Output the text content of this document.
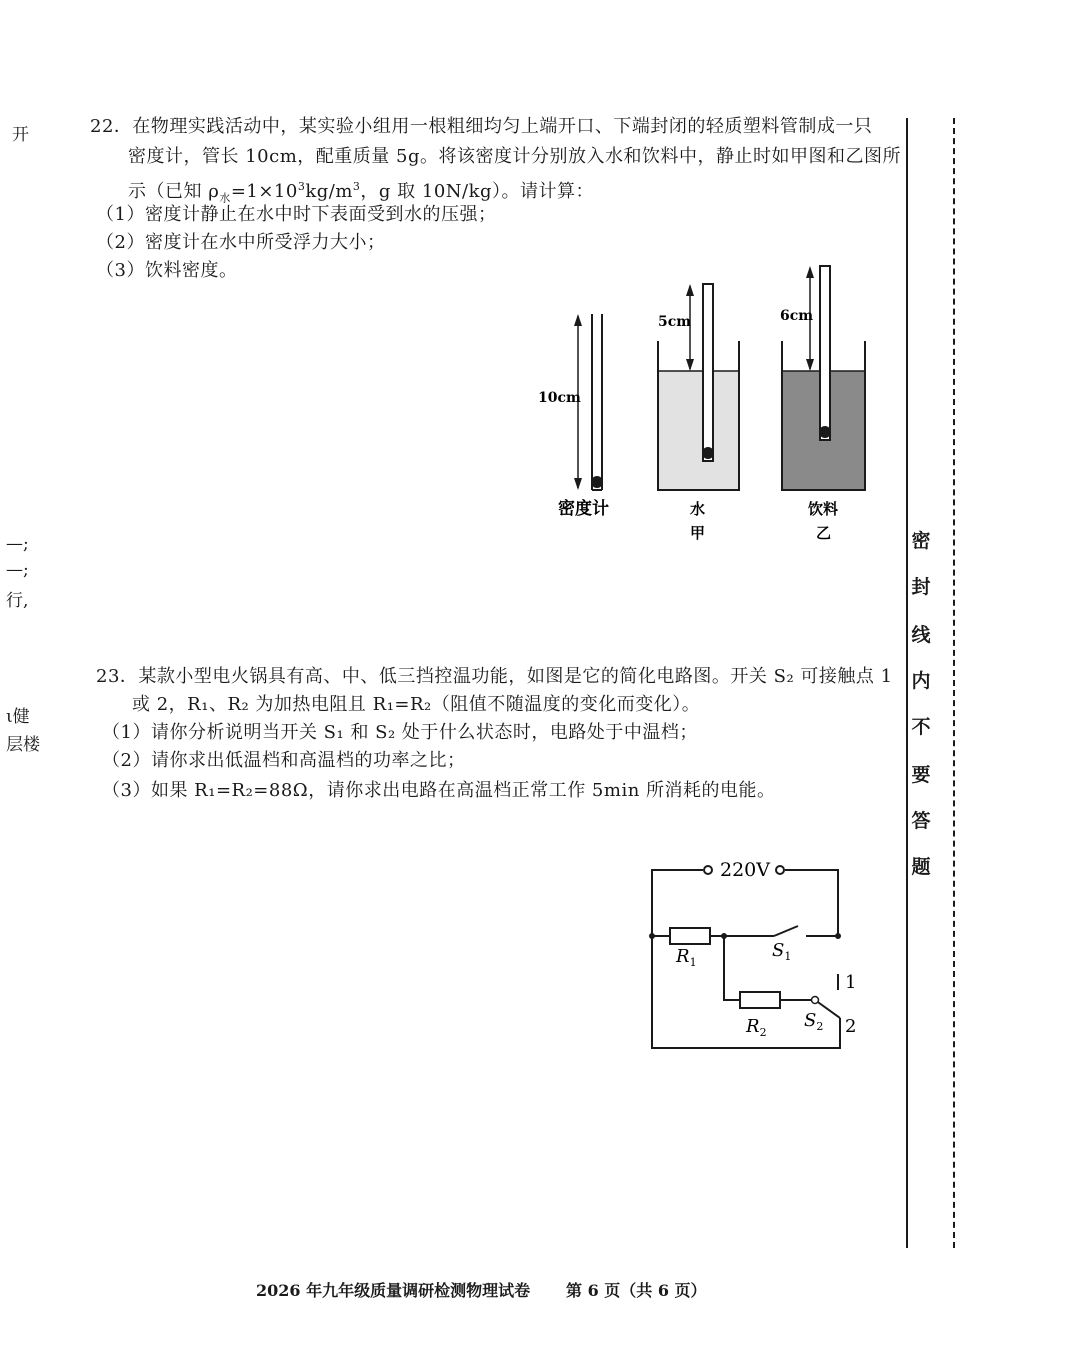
开
—;
—;
行,
ι健
层楼
22．在物理实践活动中，某实验小组用一根粗细均匀上端开口、下端封闭的轻质塑料管制成一只
密度计，管长 10cm，配重质量 5g。将该密度计分别放入水和饮料中，静止时如甲图和乙图所
示（已知 $\rho_水=1\times 10^3kg/m^3$，g 取 10N/kg）。请计算：
（1）密度计静止在水中时下表面受到水的压强；
（2）密度计在水中所受浮力大小；
（3）饮料密度。
10cm
密度计
5cm
水
甲
6cm
饮料
乙
23．某款小型电火锅具有高、中、低三挡控温功能，如图是它的简化电路图。开关 S₂ 可接触点 1
或 2，R₁、R₂ 为加热电阻且 R₁=R₂（阻值不随温度的变化而变化）。
（1）请你分析说明当开关 S₁ 和 S₂ 处于什么状态时，电路处于中温档；
（2）请你求出低温档和高温档的功率之比；
（3）如果 R₁=R₂=88Ω，请你求出电路在高温档正常工作 5min 所消耗的电能。
220V
$R_1$
$S_1$
$R_2$
$S_2$
1
2
密
封
线
内
不
要
答
题
2026 年九年级质量调研检测物理试卷 第 6 页（共 6 页）
